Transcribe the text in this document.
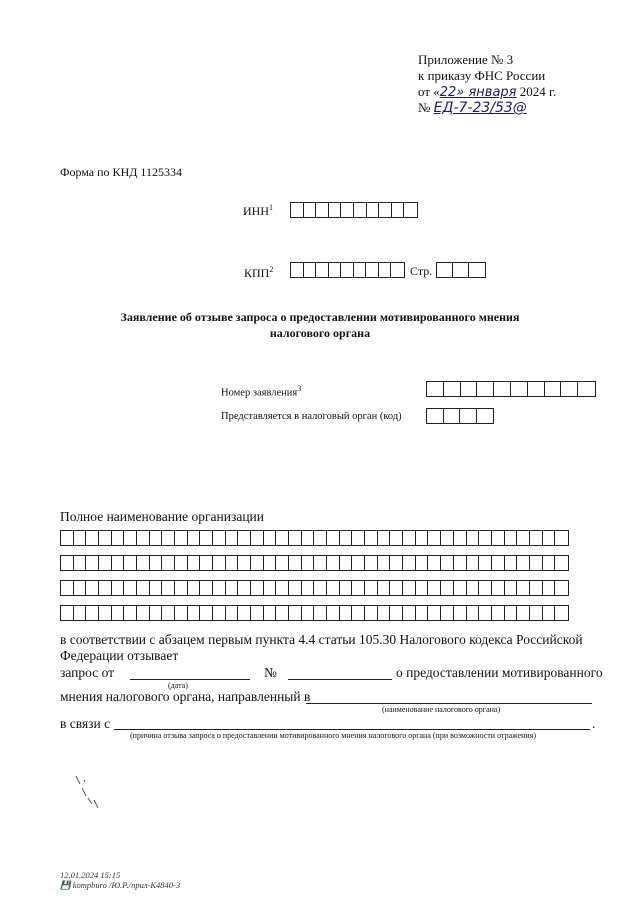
Приложение № 3
к приказу ФНС России
от «22» января 2024 г.
№ ЕД-7-23/53@
Форма по КНД 1125334
ИНН$^1$
КПП$^2$	Стр.
Заявление об отзыве запроса о предоставлении мотивированного мнения
налогового органа
Номер заявления$^3$
Представляется в налоговый орган (код)
Полное наименование организации
в соответствии с абзацем первым пункта 4.4 статьи 105.30 Налогового кодекса Российской
Федерации отзывает
запрос от
(дата)
№	о предоставлении мотивированного
мнения налогового органа, направленный в
(наименование налогового органа)
в связи с	.
(причина отзыва запроса о предоставлении мотивированного мнения налогового органа (при возможности отражения)
12.01.2024 15:15
💾 kompburo /Ю.Р./прил-К4840-3
